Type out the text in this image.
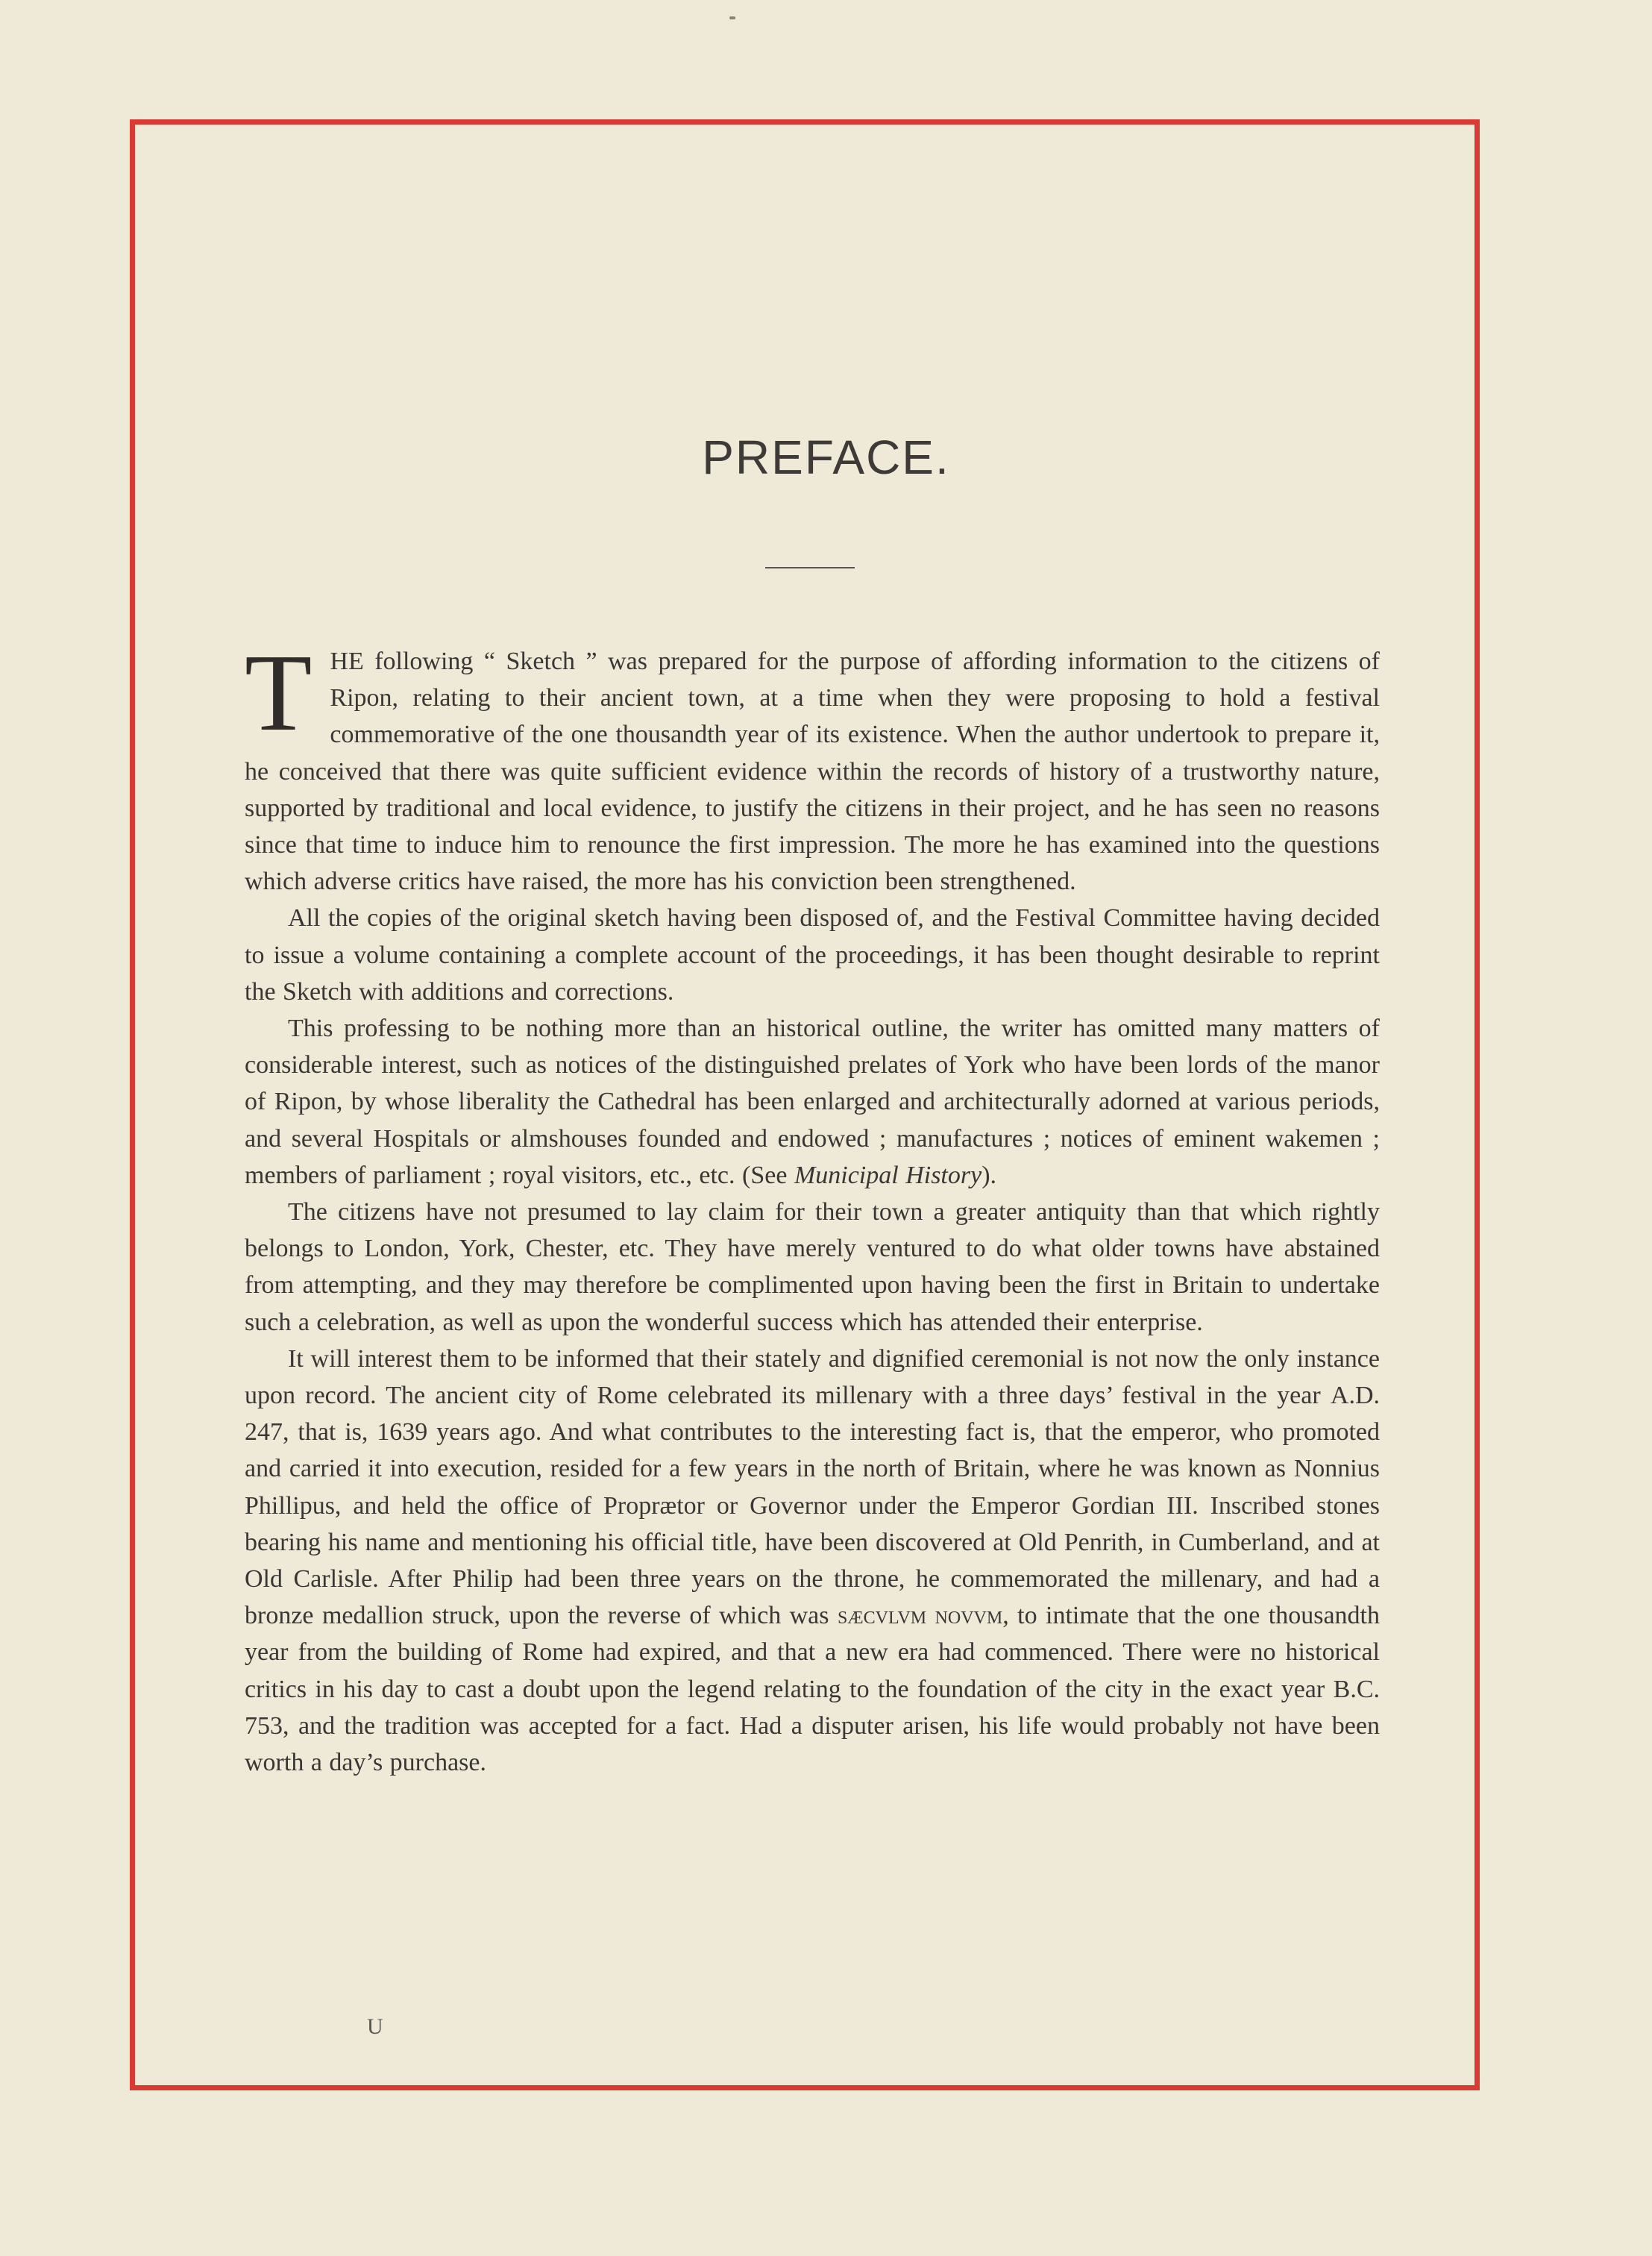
PREFACE.

THE following “ Sketch ” was prepared for the purpose of affording information to the citizens of Ripon, relating to their ancient town, at a time when they were proposing to hold a festival commemorative of the one thousandth year of its existence. When the author undertook to prepare it, he conceived that there was quite sufficient evidence within the records of history of a trustworthy nature, supported by traditional and local evidence, to justify the citizens in their project, and he has seen no reasons since that time to induce him to renounce the first impression. The more he has examined into the questions which adverse critics have raised, the more has his conviction been strengthened.

All the copies of the original sketch having been disposed of, and the Festival Committee having decided to issue a volume containing a complete account of the proceedings, it has been thought desirable to reprint the Sketch with additions and corrections.

This professing to be nothing more than an historical outline, the writer has omitted many matters of considerable interest, such as notices of the distinguished prelates of York who have been lords of the manor of Ripon, by whose liberality the Cathedral has been enlarged and architecturally adorned at various periods, and several Hospitals or almshouses founded and endowed ; manufactures ; notices of eminent wakemen ; members of parliament ; royal visitors, etc., etc. (See Municipal History).

The citizens have not presumed to lay claim for their town a greater antiquity than that which rightly belongs to London, York, Chester, etc. They have merely ventured to do what older towns have abstained from attempting, and they may therefore be complimented upon having been the first in Britain to undertake such a celebration, as well as upon the wonderful success which has attended their enterprise.

It will interest them to be informed that their stately and dignified ceremonial is not now the only instance upon record. The ancient city of Rome celebrated its millenary with a three days’ festival in the year A.D. 247, that is, 1639 years ago. And what contributes to the interesting fact is, that the emperor, who promoted and carried it into execution, resided for a few years in the north of Britain, where he was known as Nonnius Phillipus, and held the office of Proprætor or Governor under the Emperor Gordian III. Inscribed stones bearing his name and mentioning his official title, have been discovered at Old Penrith, in Cumberland, and at Old Carlisle. After Philip had been three years on the throne, he commemorated the millenary, and had a bronze medallion struck, upon the reverse of which was sæcvlvm novvm, to intimate that the one thousandth year from the building of Rome had expired, and that a new era had commenced. There were no historical critics in his day to cast a doubt upon the legend relating to the foundation of the city in the exact year B.C. 753, and the tradition was accepted for a fact. Had a disputer arisen, his life would probably not have been worth a day’s purchase.

U
